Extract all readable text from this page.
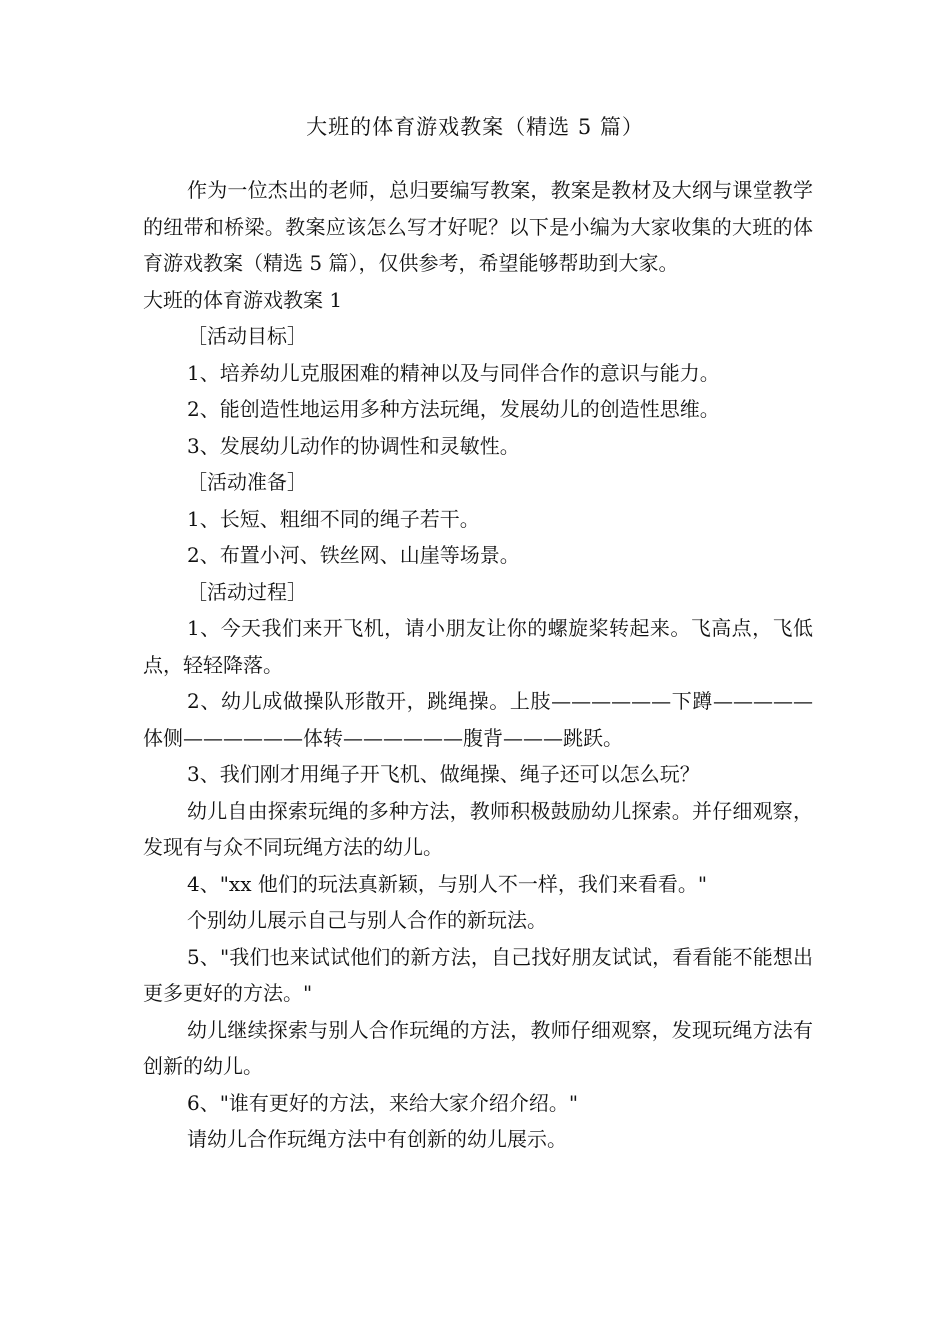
大班的体育游戏教案（精选 5 篇）

作为一位杰出的老师，总归要编写教案，教案是教材及大纲与课堂教学的纽带和桥梁。教案应该怎么写才好呢？以下是小编为大家收集的大班的体育游戏教案（精选 5 篇），仅供参考，希望能够帮助到大家。

大班的体育游戏教案 1

［活动目标］

1、培养幼儿克服困难的精神以及与同伴合作的意识与能力。

2、能创造性地运用多种方法玩绳，发展幼儿的创造性思维。

3、发展幼儿动作的协调性和灵敏性。

［活动准备］

1、长短、粗细不同的绳子若干。

2、布置小河、铁丝网、山崖等场景。

［活动过程］

1、今天我们来开飞机，请小朋友让你的螺旋桨转起来。飞高点，飞低点，轻轻降落。

2、幼儿成做操队形散开，跳绳操。上肢——————下蹲—————体侧——————体转——————腹背———跳跃。

3、我们刚才用绳子开飞机、做绳操、绳子还可以怎么玩？

幼儿自由探索玩绳的多种方法，教师积极鼓励幼儿探索。并仔细观察，发现有与众不同玩绳方法的幼儿。

4、"xx 他们的玩法真新颖，与别人不一样，我们来看看。"

个别幼儿展示自己与别人合作的新玩法。

5、"我们也来试试他们的新方法，自己找好朋友试试，看看能不能想出更多更好的方法。"

幼儿继续探索与别人合作玩绳的方法，教师仔细观察，发现玩绳方法有创新的幼儿。

6、"谁有更好的方法，来给大家介绍介绍。"

请幼儿合作玩绳方法中有创新的幼儿展示。
